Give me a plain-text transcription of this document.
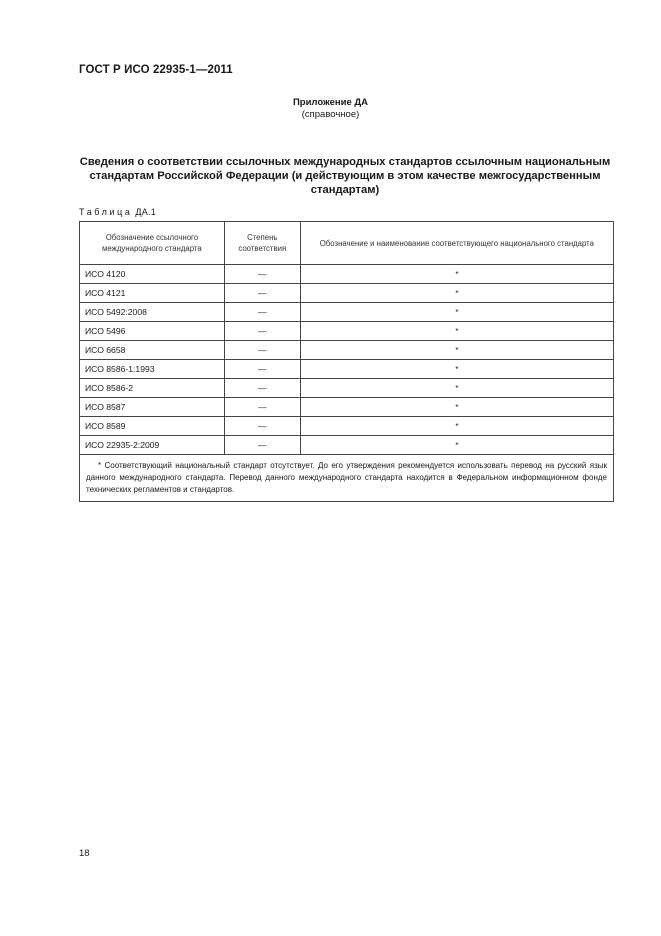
ГОСТ Р ИСО 22935-1—2011
Приложение ДА
(справочное)
Сведения о соответствии ссылочных международных стандартов ссылочным национальным стандартам Российской Федерации (и действующим в этом качестве межгосударственным стандартам)
Таблица ДА.1
Обозначение ссылочного международного стандарта	Степень соответствия	Обозначение и наименование соответствующего национального стандарта
ИСО 4120	—	*
ИСО 4121	—	*
ИСО 5492:2008	—	*
ИСО 5496	—	*
ИСО 6658	—	*
ИСО 8586-1:1993	—	*
ИСО 8586-2	—	*
ИСО 8587	—	*
ИСО 8589	—	*
ИСО 22935-2:2009	—	*
* Соответствующий национальный стандарт отсутствует. До его утверждения рекомендуется использовать перевод на русский язык данного международного стандарта. Перевод данного международного стандарта находится в Федеральном информационном фонде технических регламентов и стандартов.		
18
